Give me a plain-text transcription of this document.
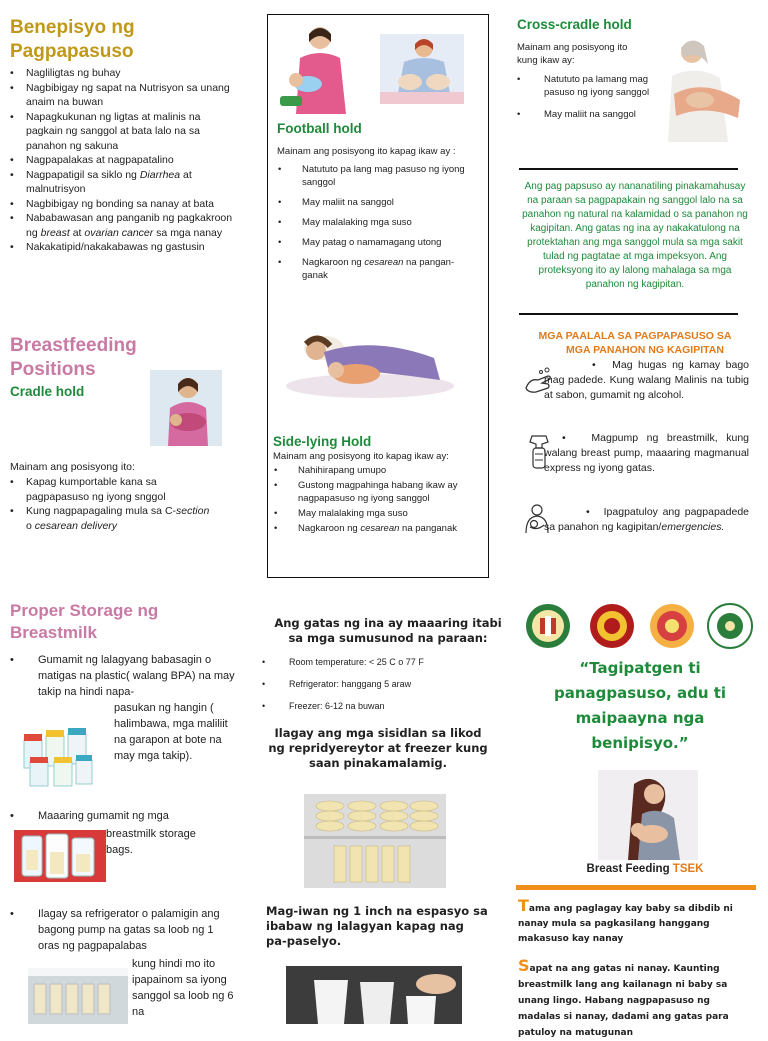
Benepisyo ng
Pagpapasuso
• Nagliligtas ng buhay
• Nagbibigay ng sapat na Nutrisyon sa unang anaim na buwan
• Napagkukunan ng ligtas at malinis na pagkain ng sanggol at bata lalo na sa panahon ng sakuna
• Nagpapalakas at nagpapatalino
• Nagpapatigil sa siklo ng Diarrhea at malnutrisyon
• Nagbibigay ng bonding sa nanay at bata
• Nababawasan ang panganib ng pagkakroon ng breast at ovarian cancer sa mga nanay
• Nakakatipid/nakakabawas ng gastusin
Breastfeeding
Positions
Cradle hold
Mainam ang posisyong ito:
• Kapag kumportable kana sa pagpapasuso ng iyong snggol
• Kung nagpapagaling mula sa C-section o cesarean delivery
Proper Storage ng
Breastmilk
• Gumamit ng lalagyang babasagin o matigas na plastic( walang BPA) na may takip na hindi napa-
pasukan ng hangin ( halimbawa, mga maliliit na garapon at bote na may mga takip).
• Maaaring gumamit ng mga
breastmilk storage bags.
• Ilagay sa refrigerator o palamigin ang bagong pump na gatas sa loob ng 1 oras ng pagpapalabas
kung hindi mo ito ipapainom sa iyong sanggol sa loob ng 6 na
Football hold
Mainam ang posisyong ito kapag ikaw ay :
• Natututo pa lang mag pasuso ng iyong sanggol
• May maliit na sanggol
• May malalaking mga suso
• May patag o namamagang utong
• Nagkaroon ng cesarean na pangan-ganak
Side-lying Hold
Mainam ang posisyong ito kapag ikaw ay:
• Nahihirapang umupo
• Gustong magpahinga habang ikaw ay nagpapasuso ng iyong sanggol
• May malalaking mga suso
• Nagkaroon ng cesarean na panganak
Ang gatas ng ina ay maaaring itabi sa mga sumusunod na paraan:
• Room temperature: < 25 C o 77 F
• Refrigerator: hanggang 5 araw
• Freezer: 6-12 na buwan
Ilagay ang mga sisidlan sa likod ng repridyereytor at freezer kung saan pinakamalamig.
Mag-iwan ng 1 inch na espasyo sa ibabaw ng lalagyan kapag nag pa-paselyo.
Cross-cradle hold
Mainam ang posisyong ito kung ikaw ay:
• Natututo pa lamang mag pasuso ng iyong sanggol
• May maliit na sanggol
Ang pag papsuso ay nananatiling pinakamahusay na paraan sa pagpapakain ng sanggol lalo na sa panahon ng natural na kalamidad o sa panahon ng kagipitan. Ang gatas ng ina ay nakakatulong na protektahan ang mga sanggol mula sa mga sakit tulad ng pagtatae at mga impeksyon. Ang proteksyong ito ay lalong mahalaga sa mga panahon ng kagipitan.
MGA PAALALA SA PAGPAPASUSO SA
MGA PANAHON NG KAGIPITAN
•   Mag hugas ng kamay bago mag padede. Kung walang Malinis na tubig at sabon, gumamit ng alcohol.
•   Magpump ng breastmilk, kung walang breast pump, maaaring magmanual express ng iyong gatas.
•   Ipagpatuloy ang pagpapadede sa panahon ng kagipitan/emergencies.
“Tagipatgen ti panagpasuso, adu ti maipaayna nga benipisyo.”
Breast Feeding TSEK
Tama ang paglagay kay baby sa dibdib ni nanay mula sa pagkasilang hanggang makasuso kay nanay
Sapat na ang gatas ni nanay. Kaunting breastmilk lang ang kailanagn ni baby sa unang lingo. Habang nagpapasuso ng madalas si nanay, dadami ang gatas para patuloy na matugunan
